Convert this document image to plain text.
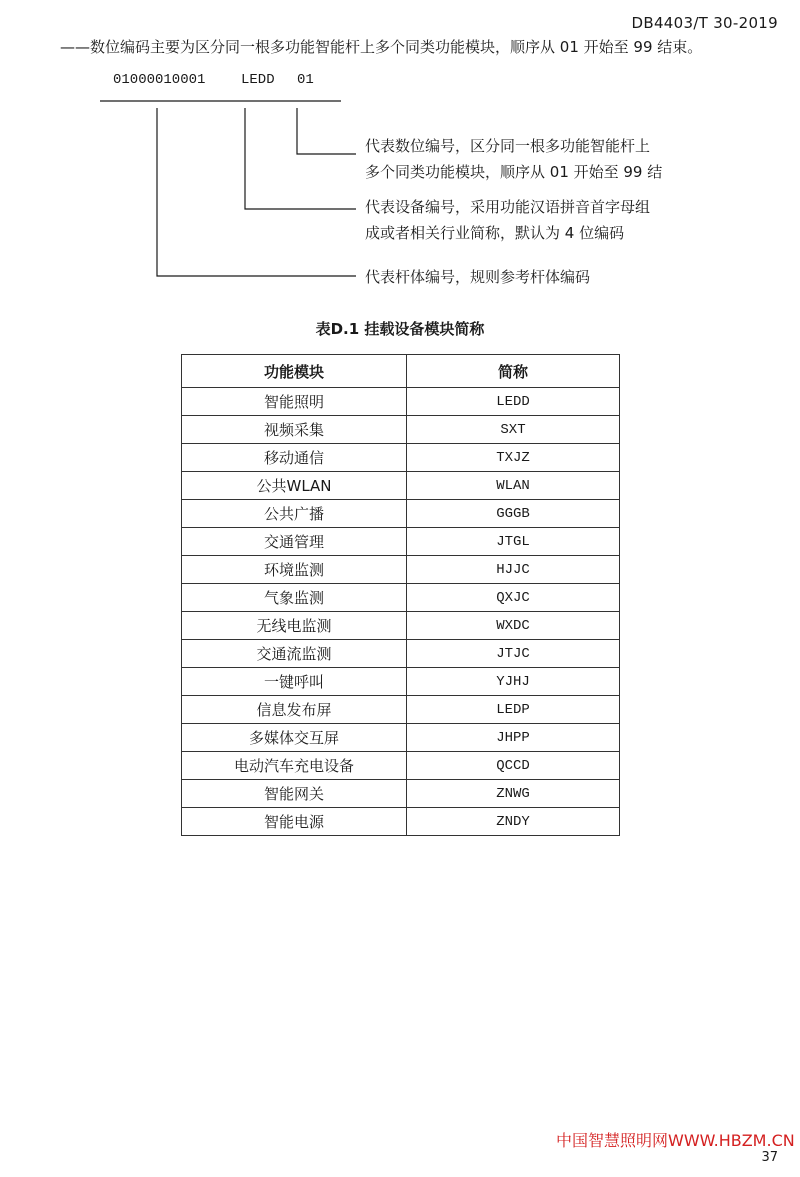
DB4403/T 30-2019
——数位编码主要为区分同一根多功能智能杆上多个同类功能模块，顺序从 01 开始至 99 结束。
01000010001	LEDD 01
代表数位编号，区分同一根多功能智能杆上
多个同类功能模块，顺序从 01 开始至 99 结
代表设备编号，采用功能汉语拼音首字母组
成或者相关行业简称，默认为 4 位编码
代表杆体编号，规则参考杆体编码
表D.1 挂载设备模块简称
功能模块	简称
智能照明	LEDD
视频采集	SXT
移动通信	TXJZ
公共WLAN	WLAN
公共广播	GGGB
交通管理	JTGL
环境监测	HJJC
气象监测	QXJC
无线电监测	WXDC
交通流监测	JTJC
一键呼叫	YJHJ
信息发布屏	LEDP
多媒体交互屏	JHPP
电动汽车充电设备	QCCD
智能网关	ZNWG
智能电源	ZNDY
中国智慧照明网WWW.HBZM.CN
37
